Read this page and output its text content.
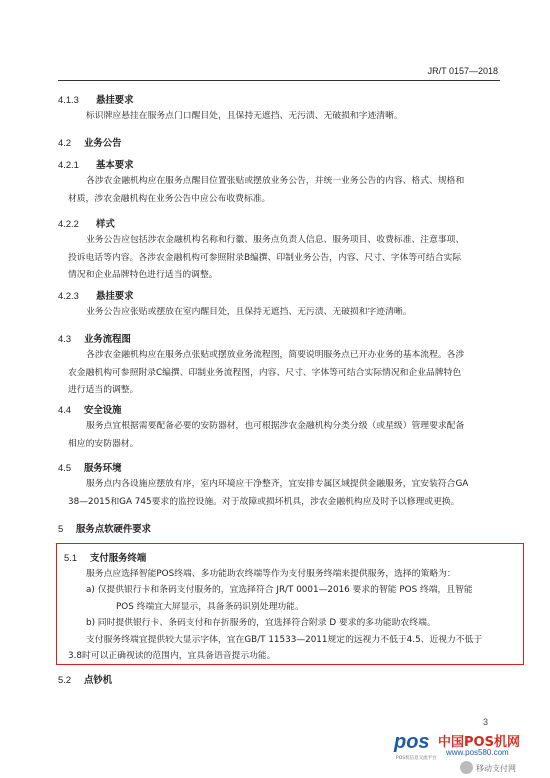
JR/T 0157—2018
4.1.3 悬挂要求
标识牌应悬挂在服务点门口醒目处，且保持无遮挡、无污渍、无破损和字迹清晰。
4.2 业务公告
4.2.1 基本要求
各涉农金融机构应在服务点醒目位置张贴或摆放业务公告，并统一业务公告的内容、格式、规格和
材质，涉农金融机构在业务公告中应公布收费标准。
4.2.2 样式
业务公告应包括涉农金融机构名称和行徽、服务点负责人信息、服务项目、收费标准、注意事项、
投诉电话等内容。各涉农金融机构可参照附录B编撰、印制业务公告，内容、尺寸、字体等可结合实际
情况和企业品牌特色进行适当的调整。
4.2.3 悬挂要求
业务公告应张贴或摆放在室内醒目处，且保持无遮挡、无污渍、无破损和字迹清晰。
4.3 业务流程图
各涉农金融机构应在服务点张贴或摆放业务流程图，简要说明服务点已开办业务的基本流程。各涉
农金融机构可参照附录C编撰、印制业务流程图，内容、尺寸、字体等可结合实际情况和企业品牌特色
进行适当的调整。
4.4 安全设施
服务点宜根据需要配备必要的安防器材，也可根据涉农金融机构分类分级（或星级）管理要求配备
相应的安防器材。
4.5 服务环境
服务点内各设施应摆放有序，室内环境应干净整齐，宜安排专属区域提供金融服务，宜安装符合GA
38—2015和GA 745要求的监控设施。对于故障或损坏机具，涉农金融机构应及时予以修理或更换。
5 服务点软硬件要求
5.1 支付服务终端
服务点应选择智能POS终端、多功能助农终端等作为支付服务终端来提供服务，选择的策略为：
a) 仅提供银行卡和条码支付服务的，宜选择符合 JR/T 0001—2016 要求的智能 POS 终端，且智能
POS 终端宜大屏显示，具备条码识别处理功能。
b) 同时提供银行卡、条码支付和存折服务的，宜选择符合附录 D 要求的多功能助农终端。
支付服务终端宜提供较大显示字体，宜在GB/T 11533—2011规定的远视力不低于4.5、近视力不低于
3.8时可以正确视读的范围内，宜具备语音提示功能。
5.2 点钞机
3
pos
POS机信息交流平台
中国POS机网
www.pos580.com
移动支付网
